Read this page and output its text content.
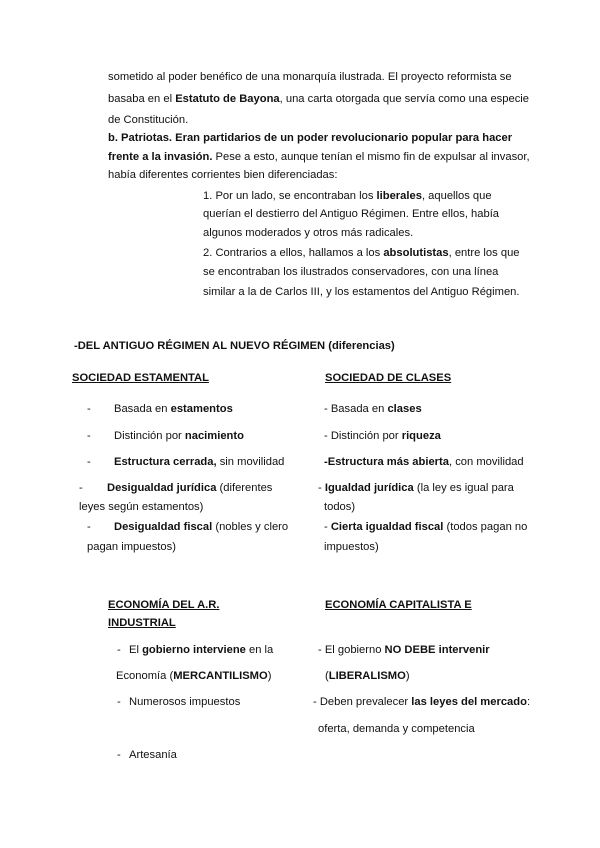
sometido al poder benéfico de una monarquía ilustrada. El proyecto reformista se
basaba en el Estatuto de Bayona, una carta otorgada que servía como una especie
de Constitución.
b. Patriotas. Eran partidarios de un poder revolucionario popular para hacer
frente a la invasión. Pese a esto, aunque tenían el mismo fin de expulsar al invasor,
había diferentes corrientes bien diferenciadas:
1. Por un lado, se encontraban los liberales, aquellos que
querían el destierro del Antiguo Régimen. Entre ellos, había
algunos moderados y otros más radicales.
2. Contrarios a ellos, hallamos a los absolutistas, entre los que
se encontraban los ilustrados conservadores, con una línea
similar a la de Carlos III, y los estamentos del Antiguo Régimen.
-DEL ANTIGUO RÉGIMEN AL NUEVO RÉGIMEN (diferencias)
SOCIEDAD ESTAMENTAL	SOCIEDAD DE CLASES
- Basada en estamentos
- Distinción por nacimiento
- Estructura cerrada, sin movilidad
- Desigualdad jurídica (diferentes
leyes según estamentos)
- Desigualdad fiscal (nobles y clero
pagan impuestos)
- Basada en clases
- Distinción por riqueza
-Estructura más abierta, con movilidad
- Igualdad jurídica (la ley es igual para
todos)
- Cierta igualdad fiscal (todos pagan no
impuestos)
ECONOMÍA DEL A.R.
INDUSTRIAL
ECONOMÍA CAPITALISTA E
- El gobierno interviene en la
Economía (MERCANTILISMO)
- Numerosos impuestos
- Artesanía
- El gobierno NO DEBE intervenir
(LIBERALISMO)
- Deben prevalecer las leyes del mercado:
oferta, demanda y competencia
